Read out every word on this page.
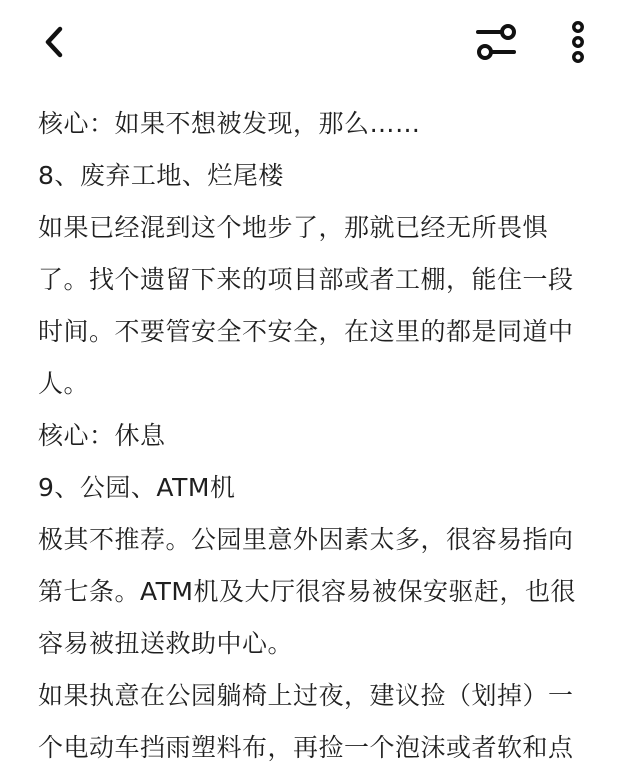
核心：如果不想被发现，那么……
8、废弃工地、烂尾楼
如果已经混到这个地步了，那就已经无所畏惧
了。找个遗留下来的项目部或者工棚，能住一段
时间。不要管安全不安全，在这里的都是同道中
人。
核心：休息
9、公园、ATM机
极其不推荐。公园里意外因素太多，很容易指向
第七条。ATM机及大厅很容易被保安驱赶，也很
容易被扭送救助中心。
如果执意在公园躺椅上过夜，建议捡（划掉）一
个电动车挡雨塑料布，再捡一个泡沫或者软和点
